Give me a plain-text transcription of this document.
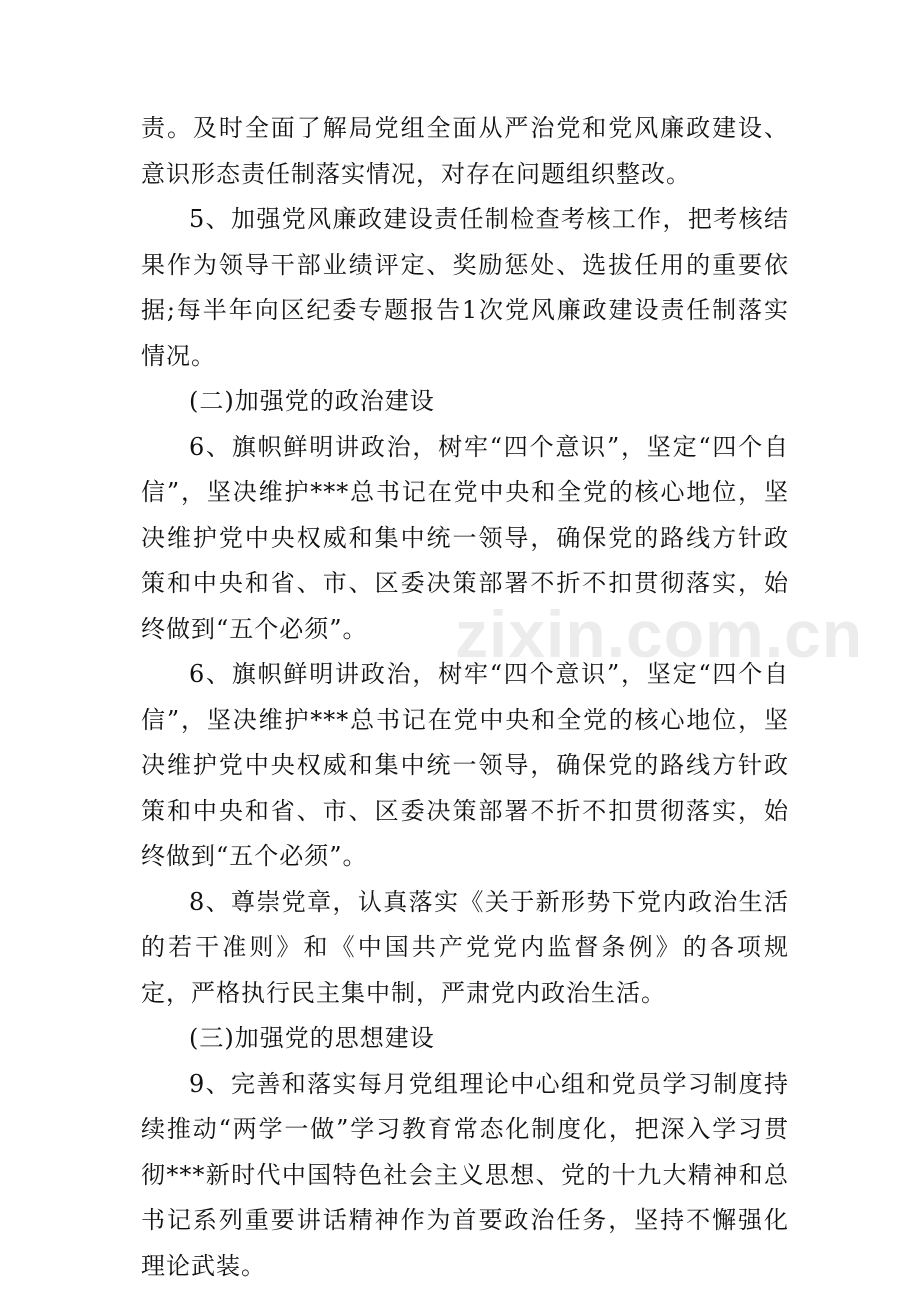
责。及时全面了解局党组全面从严治党和党风廉政建设、意识形态责任制落实情况，对存在问题组织整改。

5、加强党风廉政建设责任制检查考核工作，把考核结果作为领导干部业绩评定、奖励惩处、选拔任用的重要依据;每半年向区纪委专题报告1次党风廉政建设责任制落实情况。

(二)加强党的政治建设

6、旗帜鲜明讲政治，树牢“四个意识”，坚定“四个自信”，坚决维护***总书记在党中央和全党的核心地位，坚决维护党中央权威和集中统一领导，确保党的路线方针政策和中央和省、市、区委决策部署不折不扣贯彻落实，始终做到“五个必须”。

6、旗帜鲜明讲政治，树牢“四个意识”，坚定“四个自信”，坚决维护***总书记在党中央和全党的核心地位，坚决维护党中央权威和集中统一领导，确保党的路线方针政策和中央和省、市、区委决策部署不折不扣贯彻落实，始终做到“五个必须”。

8、尊崇党章，认真落实《关于新形势下党内政治生活的若干准则》和《中国共产党党内监督条例》的各项规定，严格执行民主集中制，严肃党内政治生活。

(三)加强党的思想建设

9、完善和落实每月党组理论中心组和党员学习制度持续推动“两学一做”学习教育常态化制度化，把深入学习贯彻***新时代中国特色社会主义思想、党的十九大精神和总书记系列重要讲话精神作为首要政治任务，坚持不懈强化理论武装。

zixin.com.cn
